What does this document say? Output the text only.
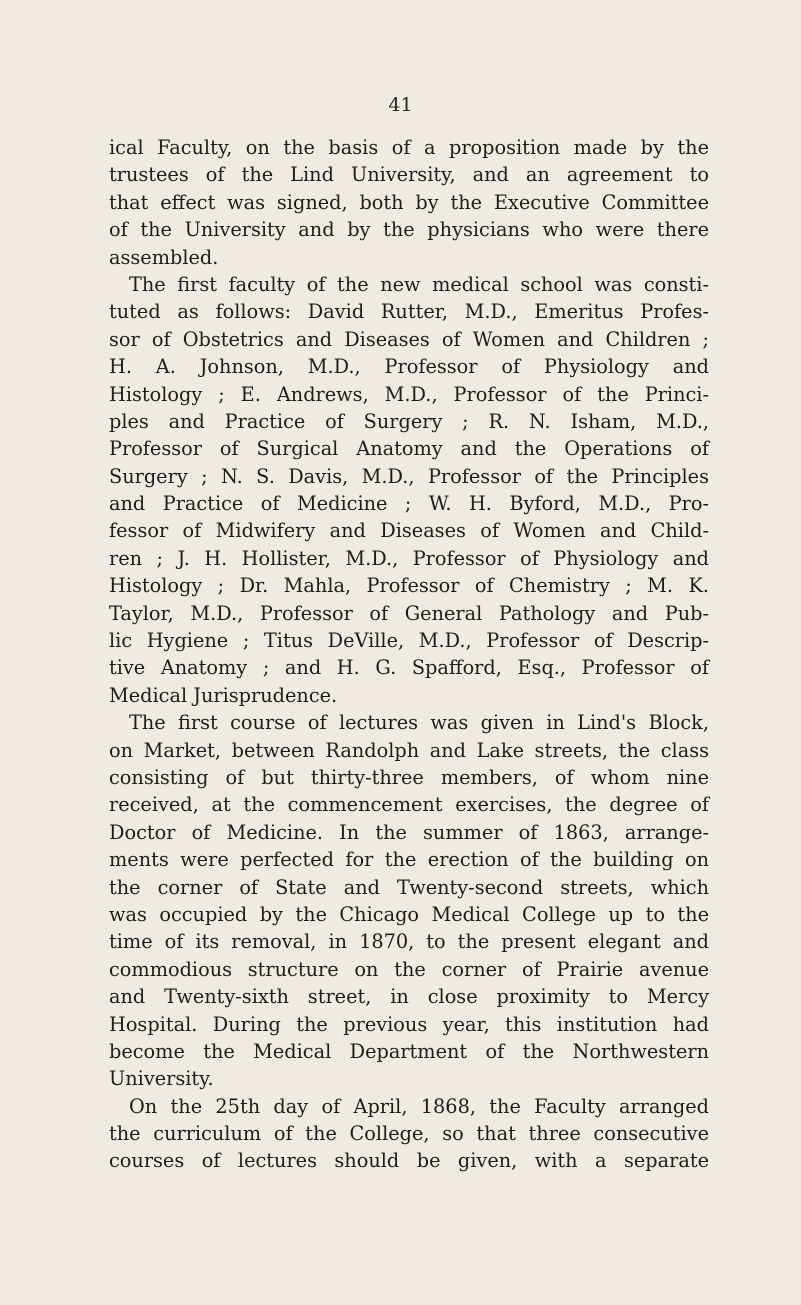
41
ical Faculty, on the basis of a proposition made by the
trustees of the Lind University, and an agreement to
that effect was signed, both by the Executive Committee
of the University and by the physicians who were there
assembled.
The first faculty of the new medical school was consti-
tuted as follows: David Rutter, M.D., Emeritus Profes-
sor of Obstetrics and Diseases of Women and Children ;
H. A. Johnson, M.D., Professor of Physiology and
Histology ; E. Andrews, M.D., Professor of the Princi-
ples and Practice of Surgery ; R. N. Isham, M.D.,
Professor of Surgical Anatomy and the Operations of
Surgery ; N. S. Davis, M.D., Professor of the Principles
and Practice of Medicine ; W. H. Byford, M.D., Pro-
fessor of Midwifery and Diseases of Women and Child-
ren ; J. H. Hollister, M.D., Professor of Physiology and
Histology ; Dr. Mahla, Professor of Chemistry ; M. K.
Taylor, M.D., Professor of General Pathology and Pub-
lic Hygiene ; Titus DeVille, M.D., Professor of Descrip-
tive Anatomy ; and H. G. Spafford, Esq., Professor of
Medical Jurisprudence.
The first course of lectures was given in Lind's Block,
on Market, between Randolph and Lake streets, the class
consisting of but thirty-three members, of whom nine
received, at the commencement exercises, the degree of
Doctor of Medicine. In the summer of 1863, arrange-
ments were perfected for the erection of the building on
the corner of State and Twenty-second streets, which
was occupied by the Chicago Medical College up to the
time of its removal, in 1870, to the present elegant and
commodious structure on the corner of Prairie avenue
and Twenty-sixth street, in close proximity to Mercy
Hospital. During the previous year, this institution had
become the Medical Department of the Northwestern
University.
On the 25th day of April, 1868, the Faculty arranged
the curriculum of the College, so that three consecutive
courses of lectures should be given, with a separate
